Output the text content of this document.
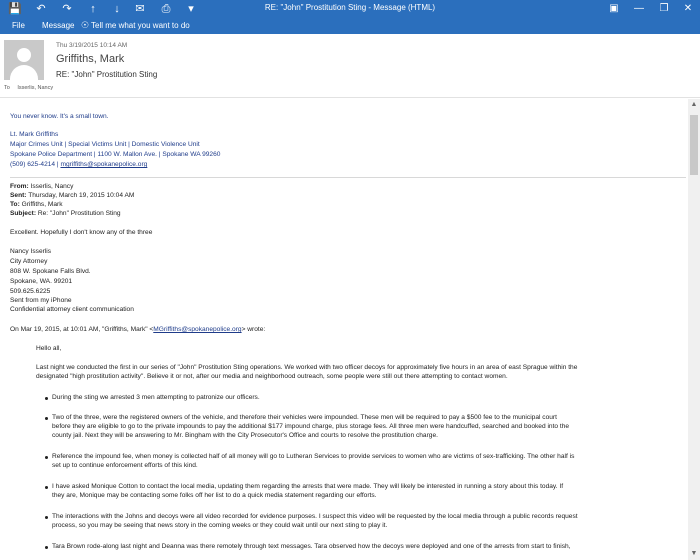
💾 ↶ ↷	↑	↓	✉ ⎙	▾	RE: "John" Prostitution Sting - Message (HTML)	▣	—	❐	✕
File Message ☉ Tell me what you want to do
Thu 3/19/2015 10:14 AM
Griffiths, Mark
RE: "John" Prostitution Sting
To Isserlis, Nancy
You never know. It's a small town.
Lt. Mark Griffiths
Major Crimes Unit | Special Victims Unit | Domestic Violence Unit
Spokane Police Department | 1100 W. Mallon Ave. | Spokane WA 99260
(509) 625-4214 | mgriffiths@spokanepolice.org
From: Isserlis, Nancy
Sent: Thursday, March 19, 2015 10:04 AM
To: Griffiths, Mark
Subject: Re: "John" Prostitution Sting
Excellent. Hopefully I don't know any of the three
Nancy Isserlis
City Attorney
808 W. Spokane Falls Blvd.
Spokane, WA. 99201
509.625.6225
Sent from my iPhone
Confidential attorney client communication
On Mar 19, 2015, at 10:01 AM, "Griffiths, Mark" <MGriffiths@spokanepolice.org> wrote:
Hello all,
Last night we conducted the first in our series of "John" Prostitution Sting operations. We worked with two officer decoys for approximately five hours in an area of east Sprague within the
designated "high prostitution activity". Believe it or not, after our media and neighborhood outreach, some people were still out there attempting to contact women.
During the sting we arrested 3 men attempting to patronize our officers.
Two of the three, were the registered owners of the vehicle, and therefore their vehicles were impounded. These men will be required to pay a $500 fee to the municipal court
before they are eligible to go to the private impounds to pay the additional $177 impound charge, plus storage fees. All three men were handcuffed, searched and booked into the
county jail. Next they will be answering to Mr. Bingham with the City Prosecutor's Office and courts to resolve the prostitution charge.
Reference the impound fee, when money is collected half of all money will go to Lutheran Services to provide services to women who are victims of sex-trafficking. The other half is
set up to continue enforcement efforts of this kind.
I have asked Monique Cotton to contact the local media, updating them regarding the arrests that were made. They will likely be interested in running a story about this today. If
they are, Monique may be contacting some folks off her list to do a quick media statement regarding our efforts.
The interactions with the Johns and decoys were all video recorded for evidence purposes. I suspect this video will be requested by the local media through a public records request
process, so you may be seeing that news story in the coming weeks or they could wait until our next sting to play it.
Tara Brown rode-along last night and Deanna was there remotely through text messages. Tara observed how the decoys were deployed and one of the arrests from start to finish,
▲
▼
